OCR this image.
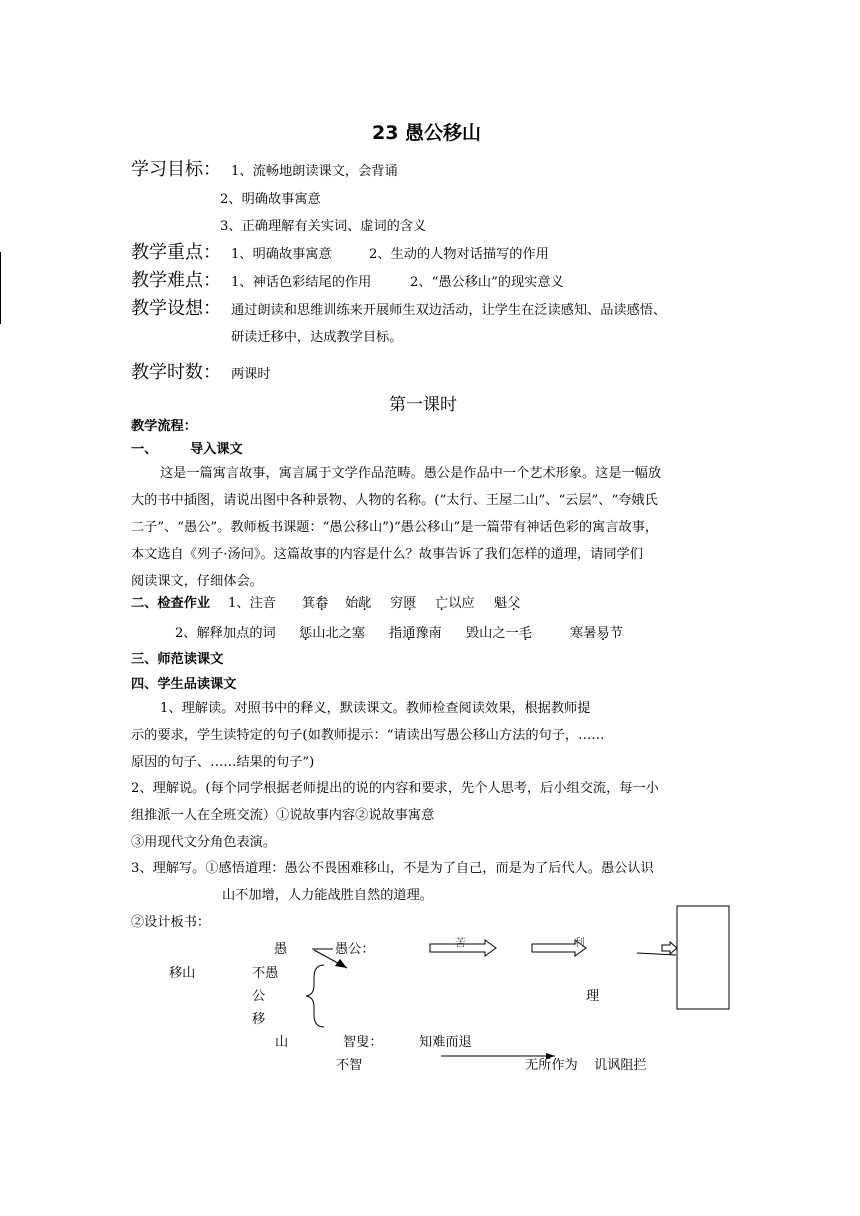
23 愚公移山
学习目标： 1、流畅地朗读课文，会背诵
2、明确故事寓意
3、正确理解有关实词、虚词的含义
教学重点： 1、明确故事寓意	2、生动的人物对话描写的作用
教学难点： 1、神话色彩结尾的作用	2、“愚公移山”的现实意义
教学设想： 通过朗读和思维训练来开展师生双边活动，让学生在泛读感知、品读感悟、
研读迁移中，达成教学目标。
教学时数： 两课时
第一课时
教学流程：
一、 导入课文
这是一篇寓言故事，寓言属于文学作品范畴。愚公是作品中一个艺术形象。这是一幅放
大的书中插图，请说出图中各种景物、人物的名称。(“太行、王屋二山”、“云层”、“夸娥氏
二子”、“愚公”。教师板书课题：“愚公移山”)“愚公移山”是一篇带有神话色彩的寓言故事，
本文选自《列子·汤问》。这篇故事的内容是什么？故事告诉了我们怎样的道理，请同学们
阅读课文，仔细体会。
二、检查作业 1、注音 箕畚 始龀 穷匮 亡以应 魁父
2、解释加点的词 惩山北之塞 指通豫南 毁山之一毛	寒暑易节
三、师范读课文
四、学生品读课文
1、理解读。对照书中的释义，默读课文。教师检查阅读效果，根据教师提
示的要求，学生读特定的句子(如教师提示：“请读出写愚公移山方法的句子，……
原因的句子、……结果的句子”)
2、理解说。(每个同学根据老师提出的说的内容和要求，先个人思考，后小组交流，每一小
组推派一人在全班交流）①说故事内容②说故事寓意
③用现代文分角色表演。
3、理解写。①感悟道理：愚公不畏困难移山，不是为了自己，而是为了后代人。愚公认识
山不加增，人力能战胜自然的道理。
②设计板书：
愚	愚公：	苦	利
移山	不愚
公	理
移
山	智叟：	知难而退
不智	无所作为 讥讽阻拦
